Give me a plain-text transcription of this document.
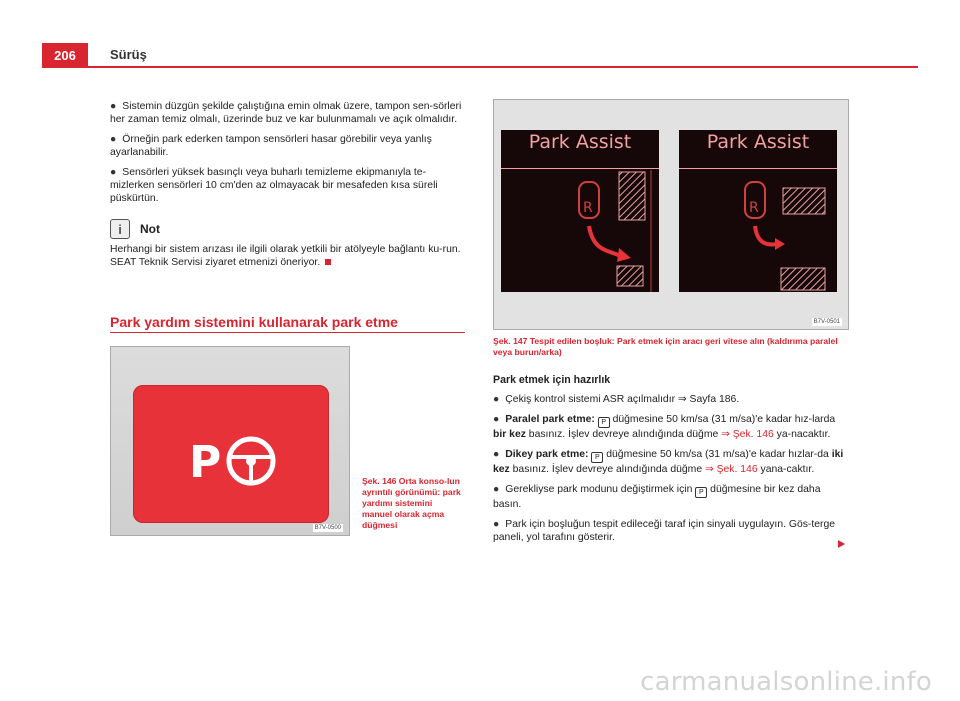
206	Sürüş

● Sistemin düzgün şekilde çalıştığına emin olmak üzere, tampon sen-sörleri her zaman temiz olmalı, üzerinde buz ve kar bulunmamalı ve açık olmalıdır.

● Örneğin park ederken tampon sensörleri hasar görebilir veya yanlış ayarlanabilir.

● Sensörleri yüksek basınçlı veya buharlı temizleme ekipmanıyla te-mizlerken sensörleri 10 cm'den az olmayacak bir mesafeden kısa süreli püskürtün.

i	Not
Herhangi bir sistem arızası ile ilgili olarak yetkili bir atölyeyle bağlantı ku-run. SEAT Teknik Servisi ziyaret etmenizi öneriyor.
Park yardım sistemini kullanarak park etme
P
B7V-0500
Şek. 146 Orta konso-lun ayrıntılı görünümü: park yardımı sistemini manuel olarak açma düğmesi
Park Assist
R
Park Assist
R
B7V-0501
Şek. 147 Tespit edilen boşluk: Park etmek için aracı geri vitese alın (kaldırıma paralel veya burun/arka)
Park etmek için hazırlık

● Çekiş kontrol sistemi ASR açılmalıdır ⇒ Sayfa 186.

● Paralel park etme: P düğmesine 50 km/sa (31 m/sa)'e kadar hız-larda bir kez basınız. İşlev devreye alındığında düğme ⇒ Şek. 146 ya-nacaktır.

● Dikey park etme: P düğmesine 50 km/sa (31 m/sa)'e kadar hızlar-da iki kez basınız. İşlev devreye alındığında düğme ⇒ Şek. 146 yana-caktır.

● Gerekliyse park modunu değiştirmek için P düğmesine bir kez daha basın.

● Park için boşluğun tespit edileceği taraf için sinyali uygulayın. Gös-terge paneli, yol tarafını gösterir.

carmanualsonline.info
